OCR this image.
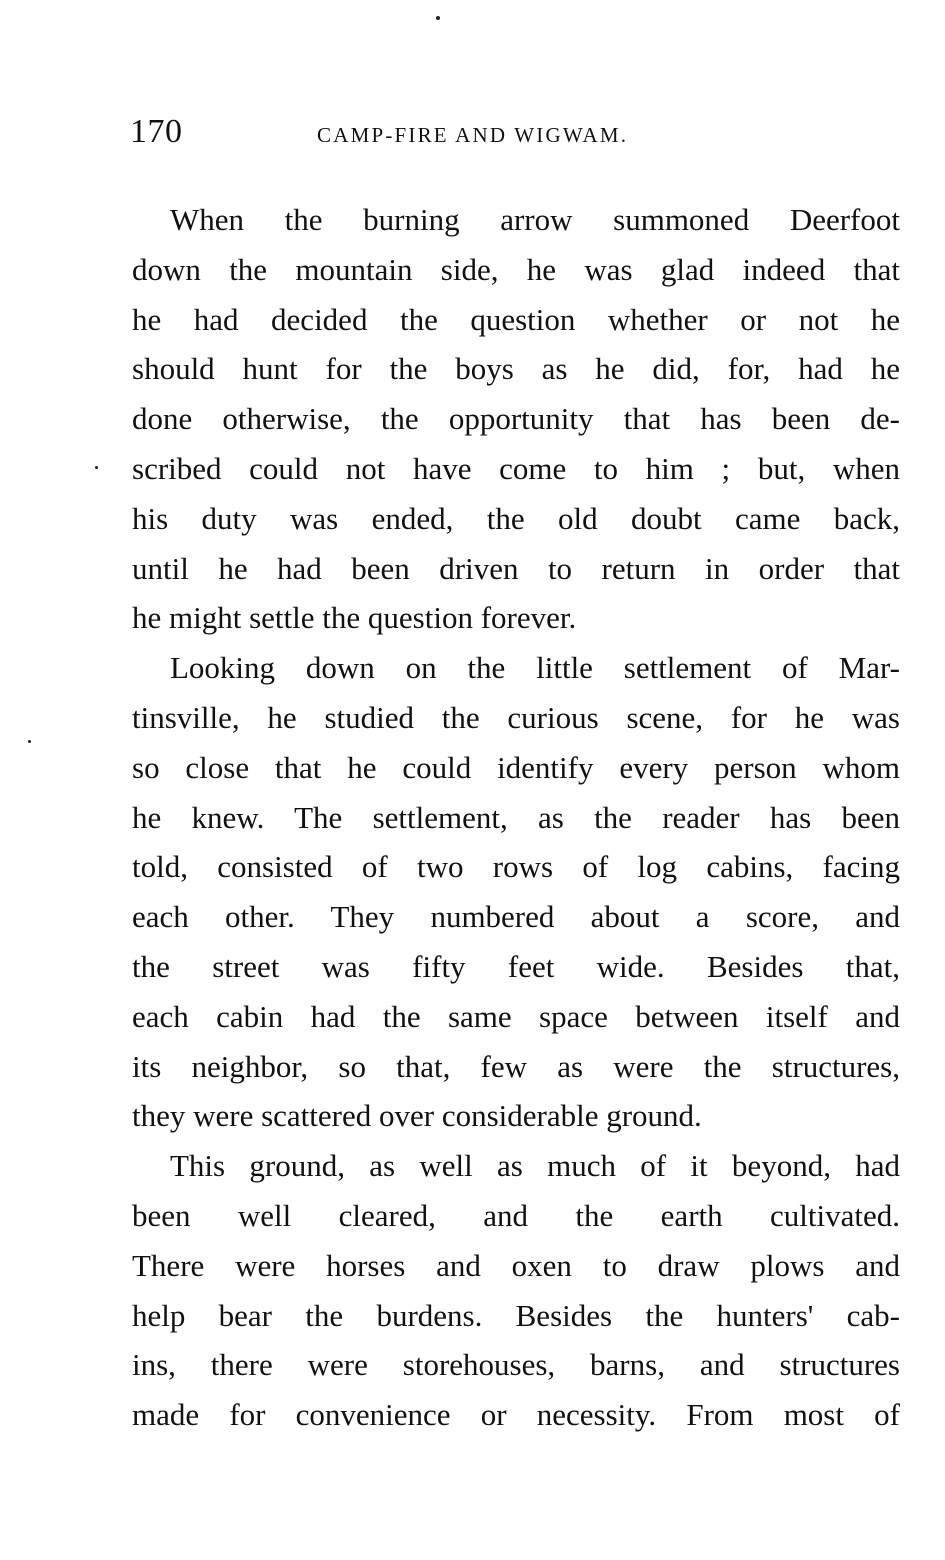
170	CAMP-FIRE AND WIGWAM.
When the burning arrow summoned Deerfoot
down the mountain side, he was glad indeed that
he had decided the question whether or not he
should hunt for the boys as he did, for, had he
done otherwise, the opportunity that has been de-
scribed could not have come to him ; but, when
his duty was ended, the old doubt came back,
until he had been driven to return in order that
he might settle the question forever.
Looking down on the little settlement of Mar-
tinsville, he studied the curious scene, for he was
so close that he could identify every person whom
he knew. The settlement, as the reader has been
told, consisted of two rows of log cabins, facing
each other. They numbered about a score, and
the street was fifty feet wide. Besides that,
each cabin had the same space between itself and
its neighbor, so that, few as were the structures,
they were scattered over considerable ground.
This ground, as well as much of it beyond, had
been well cleared, and the earth cultivated.
There were horses and oxen to draw plows and
help bear the burdens. Besides the hunters' cab-
ins, there were storehouses, barns, and structures
made for convenience or necessity. From most of
